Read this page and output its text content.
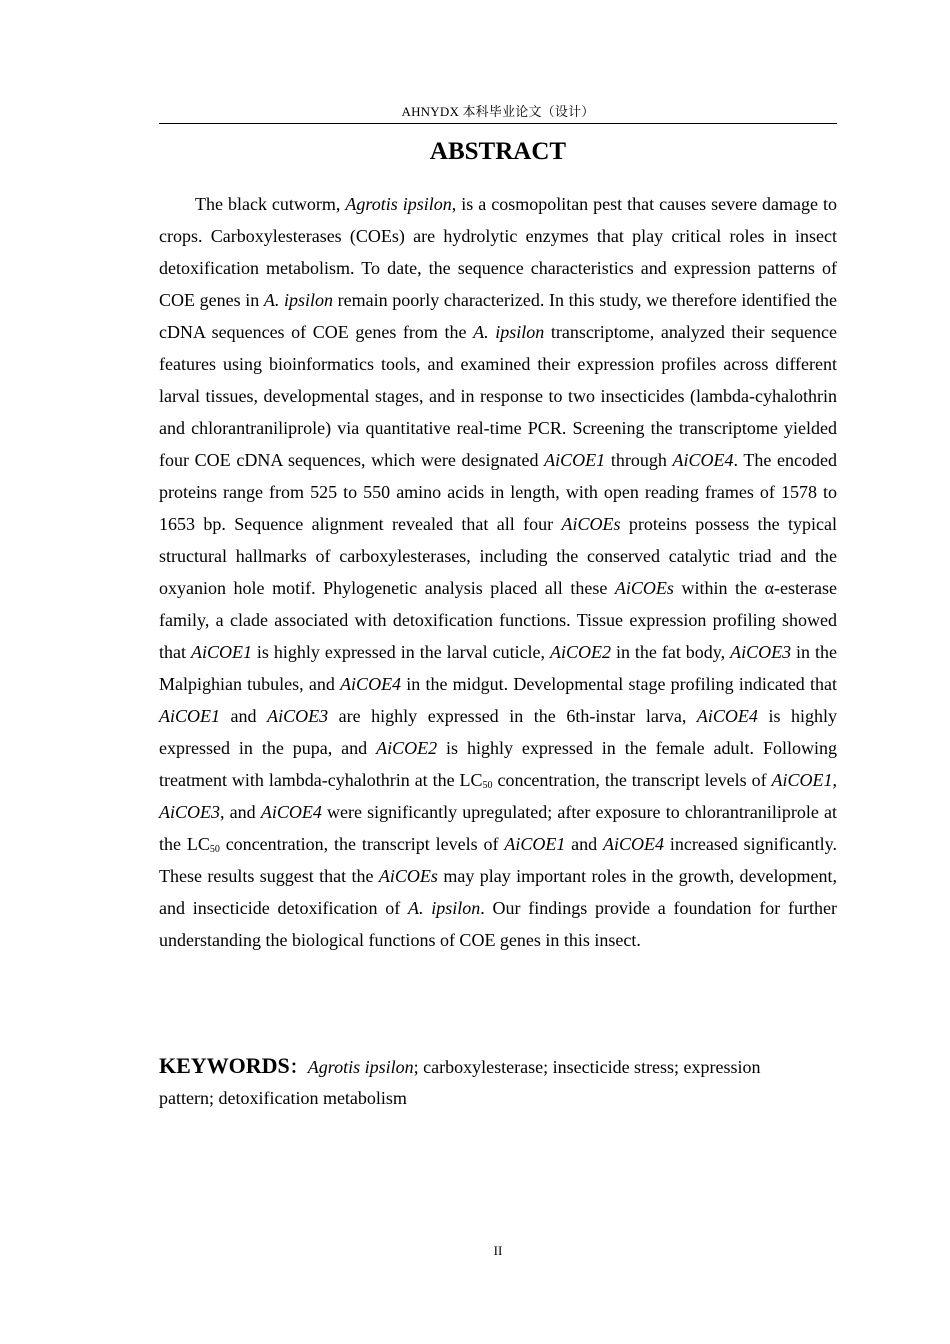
AHNYDX 本科毕业论文（设计）
ABSTRACT

The black cutworm, Agrotis ipsilon, is a cosmopolitan pest that causes severe damage to crops. Carboxylesterases (COEs) are hydrolytic enzymes that play critical roles in insect detoxification metabolism. To date, the sequence characteristics and expression patterns of COE genes in A. ipsilon remain poorly characterized. In this study, we therefore identified the cDNA sequences of COE genes from the A. ipsilon transcriptome, analyzed their sequence features using bioinformatics tools, and examined their expression profiles across different larval tissues, developmental stages, and in response to two insecticides (lambda-cyhalothrin and chlorantraniliprole) via quantitative real-time PCR. Screening the transcriptome yielded four COE cDNA sequences, which were designated AiCOE1 through AiCOE4. The encoded proteins range from 525 to 550 amino acids in length, with open reading frames of 1578 to 1653 bp. Sequence alignment revealed that all four AiCOEs proteins possess the typical structural hallmarks of carboxylesterases, including the conserved catalytic triad and the oxyanion hole motif. Phylogenetic analysis placed all these AiCOEs within the α-esterase family, a clade associated with detoxification functions. Tissue expression profiling showed that AiCOE1 is highly expressed in the larval cuticle, AiCOE2 in the fat body, AiCOE3 in the Malpighian tubules, and AiCOE4 in the midgut. Developmental stage profiling indicated that AiCOE1 and AiCOE3 are highly expressed in the 6th-instar larva, AiCOE4 is highly expressed in the pupa, and AiCOE2 is highly expressed in the female adult. Following treatment with lambda-cyhalothrin at the $LC_{50}$ concentration, the transcript levels of AiCOE1, AiCOE3, and AiCOE4 were significantly upregulated; after exposure to chlorantraniliprole at the $LC_{50}$ concentration, the transcript levels of AiCOE1 and AiCOE4 increased significantly. These results suggest that the AiCOEs may play important roles in the growth, development, and insecticide detoxification of A. ipsilon. Our findings provide a foundation for further understanding the biological functions of COE genes in this insect.

KEYWORDS：Agrotis ipsilon; carboxylesterase; insecticide stress; expression pattern; detoxification metabolism

II
